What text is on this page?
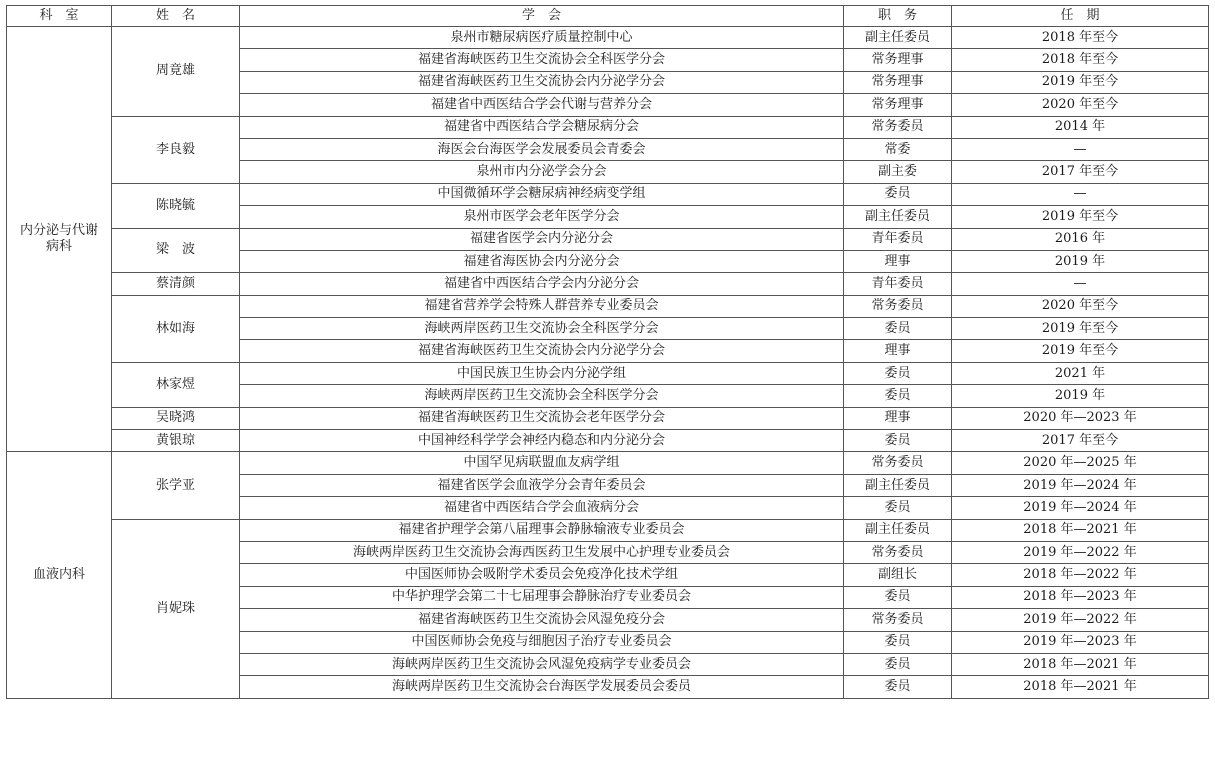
科　室	姓　名	学　会	职　务	任　期
内分泌与代谢病科	周竟雄	泉州市糖尿病医疗质量控制中心	副主任委员	2018 年至今
		福建省海峡医药卫生交流协会全科医学分会	常务理事	2018 年至今
		福建省海峡医药卫生交流协会内分泌学分会	常务理事	2019 年至今
		福建省中西医结合学会代谢与营养分会	常务理事	2020 年至今
	李良毅	福建省中西医结合学会糖尿病分会	常务委员	2014 年
		海医会台海医学会发展委员会青委会	常委	—
		泉州市内分泌学会分会	副主委	2017 年至今
	陈晓毓	中国微循环学会糖尿病神经病变学组	委员	—
		泉州市医学会老年医学分会	副主任委员	2019 年至今
	梁　波	福建省医学会内分泌分会	青年委员	2016 年
		福建省海医协会内分泌分会	理事	2019 年
	蔡清颜	福建省中西医结合学会内分泌分会	青年委员	—
	林如海	福建省营养学会特殊人群营养专业委员会	常务委员	2020 年至今
		海峡两岸医药卫生交流协会全科医学分会	委员	2019 年至今
		福建省海峡医药卫生交流协会内分泌学分会	理事	2019 年至今
	林家煜	中国民族卫生协会内分泌学组	委员	2021 年
		海峡两岸医药卫生交流协会全科医学分会	委员	2019 年
	吴晓鸿	福建省海峡医药卫生交流协会老年医学分会	理事	2020 年—2023 年
	黄银琼	中国神经科学学会神经内稳态和内分泌分会	委员	2017 年至今
血液内科	张学亚	中国罕见病联盟血友病学组	常务委员	2020 年—2025 年
		福建省医学会血液学分会青年委员会	副主任委员	2019 年—2024 年
		福建省中西医结合学会血液病分会	委员	2019 年—2024 年
	肖妮珠	福建省护理学会第八届理事会静脉输液专业委员会	副主任委员	2018 年—2021 年
		海峡两岸医药卫生交流协会海西医药卫生发展中心护理专业委员会	常务委员	2019 年—2022 年
		中国医师协会吸附学术委员会免疫净化技术学组	副组长	2018 年—2022 年
		中华护理学会第二十七届理事会静脉治疗专业委员会	委员	2018 年—2023 年
		福建省海峡医药卫生交流协会风湿免疫分会	常务委员	2019 年—2022 年
		中国医师协会免疫与细胞因子治疗专业委员会	委员	2019 年—2023 年
		海峡两岸医药卫生交流协会风湿免疫病学专业委员会	委员	2018 年—2021 年
		海峡两岸医药卫生交流协会台海医学发展委员会委员	委员	2018 年—2021 年
